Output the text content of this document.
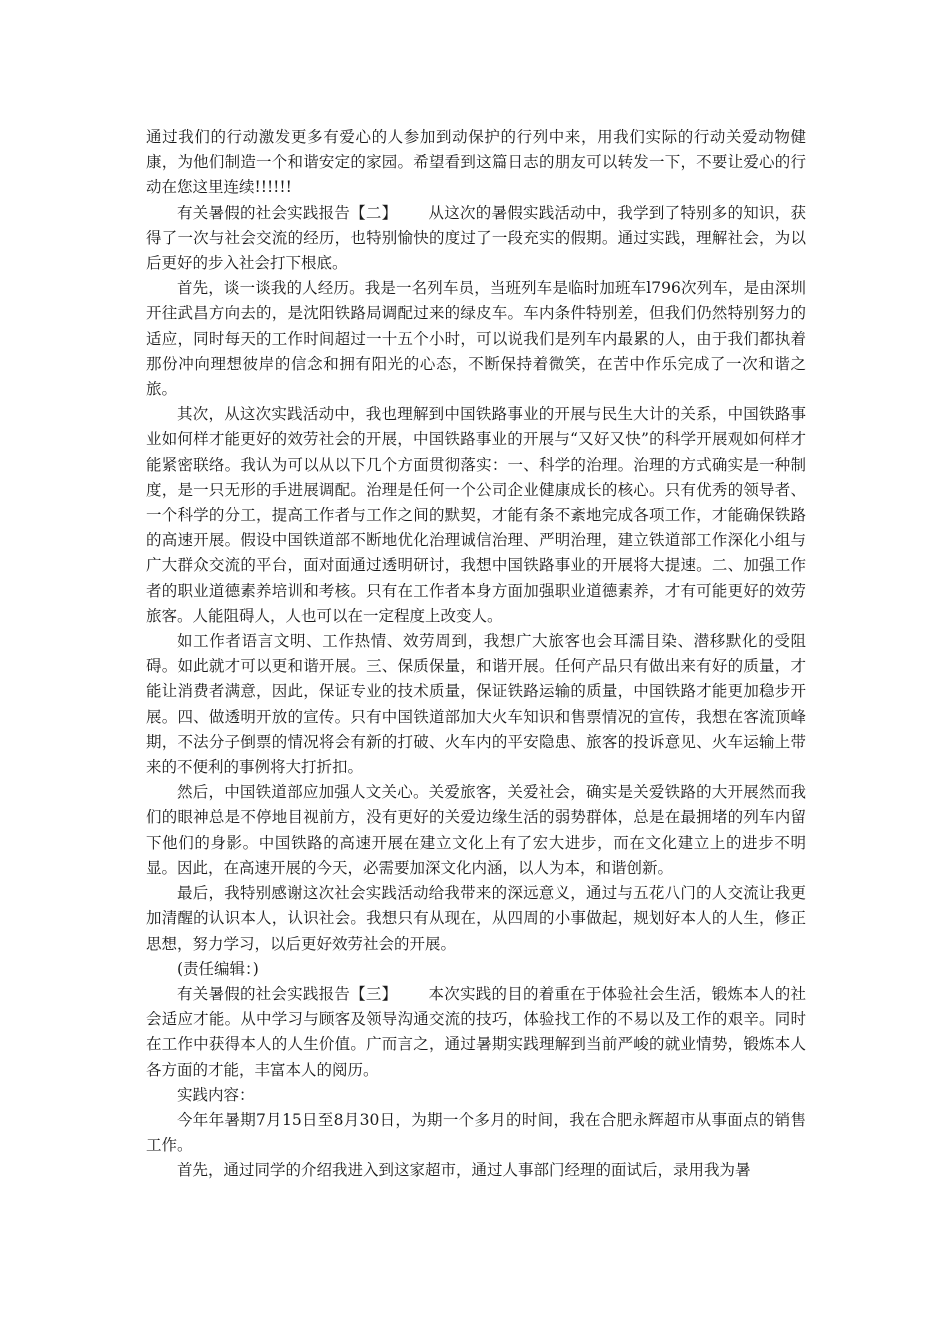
通过我们的行动激发更多有爱心的人参加到动保护的行列中来，用我们实际的行动关爱动物健康，为他们制造一个和谐安定的家园。希望看到这篇日志的朋友可以转发一下，不要让爱心的行动在您这里连续!!!!!!

有关暑假的社会实践报告【二】 从这次的暑假实践活动中，我学到了特别多的知识，获得了一次与社会交流的经历，也特别愉快的度过了一段充实的假期。通过实践，理解社会，为以后更好的步入社会打下根底。

首先，谈一谈我的人经历。我是一名列车员，当班列车是临时加班车l796次列车，是由深圳开往武昌方向去的，是沈阳铁路局调配过来的绿皮车。车内条件特别差，但我们仍然特别努力的适应，同时每天的工作时间超过一十五个小时，可以说我们是列车内最累的人，由于我们都执着那份冲向理想彼岸的信念和拥有阳光的心态，不断保持着微笑，在苦中作乐完成了一次和谐之旅。

其次，从这次实践活动中，我也理解到中国铁路事业的开展与民生大计的关系，中国铁路事业如何样才能更好的效劳社会的开展，中国铁路事业的开展与“又好又快”的科学开展观如何样才能紧密联络。我认为可以从以下几个方面贯彻落实：一、科学的治理。治理的方式确实是一种制度，是一只无形的手进展调配。治理是任何一个公司企业健康成长的核心。只有优秀的领导者、一个科学的分工，提高工作者与工作之间的默契，才能有条不紊地完成各项工作，才能确保铁路的高速开展。假设中国铁道部不断地优化治理诚信治理、严明治理，建立铁道部工作深化小组与广大群众交流的平台，面对面通过透明研讨，我想中国铁路事业的开展将大提速。二、加强工作者的职业道德素养培训和考核。只有在工作者本身方面加强职业道德素养，才有可能更好的效劳旅客。人能阻碍人，人也可以在一定程度上改变人。

如工作者语言文明、工作热情、效劳周到，我想广大旅客也会耳濡目染、潜移默化的受阻碍。如此就才可以更和谐开展。三、保质保量，和谐开展。任何产品只有做出来有好的质量，才能让消费者满意，因此，保证专业的技术质量，保证铁路运输的质量，中国铁路才能更加稳步开展。四、做透明开放的宣传。只有中国铁道部加大火车知识和售票情况的宣传，我想在客流顶峰期，不法分子倒票的情况将会有新的打破、火车内的平安隐患、旅客的投诉意见、火车运输上带来的不便利的事例将大打折扣。

然后，中国铁道部应加强人文关心。关爱旅客，关爱社会，确实是关爱铁路的大开展然而我们的眼神总是不停地目视前方，没有更好的关爱边缘生活的弱势群体，总是在最拥堵的列车内留下他们的身影。中国铁路的高速开展在建立文化上有了宏大进步，而在文化建立上的进步不明显。因此，在高速开展的今天，必需要加深文化内涵，以人为本，和谐创新。

最后，我特别感谢这次社会实践活动给我带来的深远意义，通过与五花八门的人交流让我更加清醒的认识本人，认识社会。我想只有从现在，从四周的小事做起，规划好本人的人生，修正思想，努力学习，以后更好效劳社会的开展。

(责任编辑：)

有关暑假的社会实践报告【三】 本次实践的目的着重在于体验社会生活，锻炼本人的社会适应才能。从中学习与顾客及领导沟通交流的技巧，体验找工作的不易以及工作的艰辛。同时在工作中获得本人的人生价值。广而言之，通过暑期实践理解到当前严峻的就业情势，锻炼本人各方面的才能，丰富本人的阅历。

实践内容：

今年年暑期7月15日至8月30日，为期一个多月的时间，我在合肥永辉超市从事面点的销售工作。

首先，通过同学的介绍我进入到这家超市，通过人事部门经理的面试后，录用我为暑
